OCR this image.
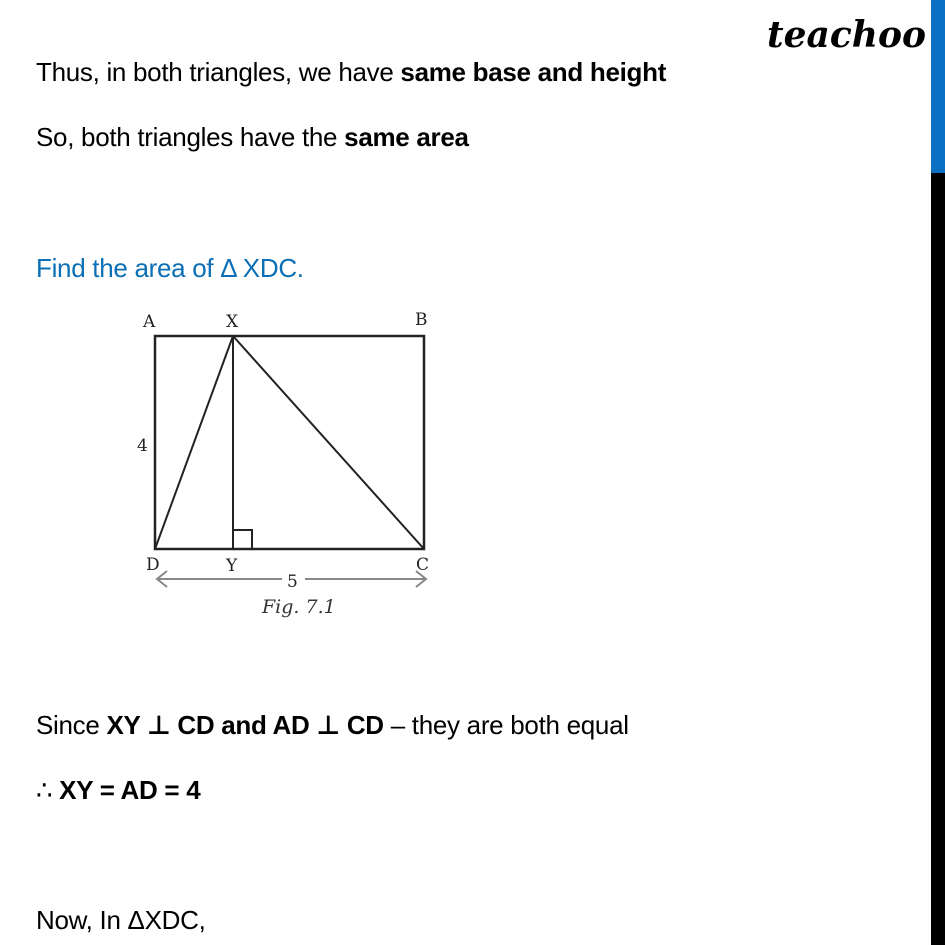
teachoo
Thus, in both triangles, we have same base and height
So, both triangles have the same area
Find the area of Δ XDC.
A	X	B
4
D	Y	C
5
Fig. 7.1
Since XY ⊥ CD and AD ⊥ CD – they are both equal
∴ XY = AD = 4
Now, In ΔXDC,
